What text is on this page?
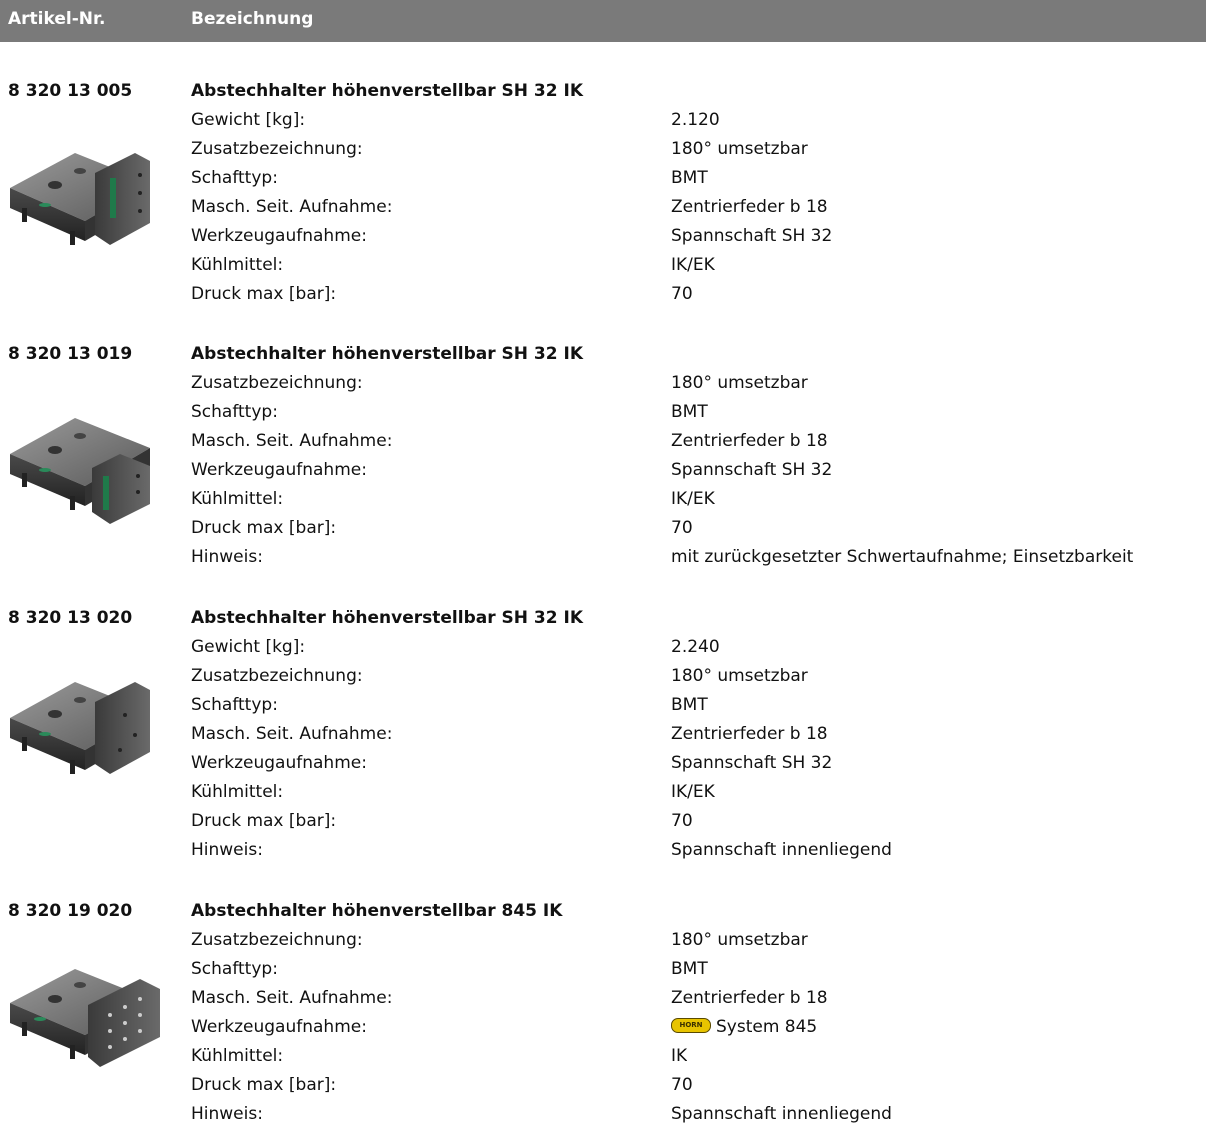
Artikel-Nr.	Bezeichnung
8 320 13 005	Abstechhalter höhenverstellbar SH 32 IK
Gewicht [kg]:	2.120
Zusatzbezeichnung:	180° umsetzbar
Schafttyp:	BMT
Masch. Seit. Aufnahme:	Zentrierfeder b 18
Werkzeugaufnahme:	Spannschaft SH 32
Kühlmittel:	IK/EK
Druck max [bar]:	70
8 320 13 019	Abstechhalter höhenverstellbar SH 32 IK
Zusatzbezeichnung:	180° umsetzbar
Schafttyp:	BMT
Masch. Seit. Aufnahme:	Zentrierfeder b 18
Werkzeugaufnahme:	Spannschaft SH 32
Kühlmittel:	IK/EK
Druck max [bar]:	70
Hinweis:	mit zurückgesetzter Schwertaufnahme; Einsetzbarkeit
8 320 13 020	Abstechhalter höhenverstellbar SH 32 IK
Gewicht [kg]:	2.240
Zusatzbezeichnung:	180° umsetzbar
Schafttyp:	BMT
Masch. Seit. Aufnahme:	Zentrierfeder b 18
Werkzeugaufnahme:	Spannschaft SH 32
Kühlmittel:	IK/EK
Druck max [bar]:	70
Hinweis:	Spannschaft innenliegend
8 320 19 020	Abstechhalter höhenverstellbar 845 IK
Zusatzbezeichnung:	180° umsetzbar
Schafttyp:	BMT
Masch. Seit. Aufnahme:	Zentrierfeder b 18
Werkzeugaufnahme:	HORN System 845
Kühlmittel:	IK
Druck max [bar]:	70
Hinweis:	Spannschaft innenliegend
